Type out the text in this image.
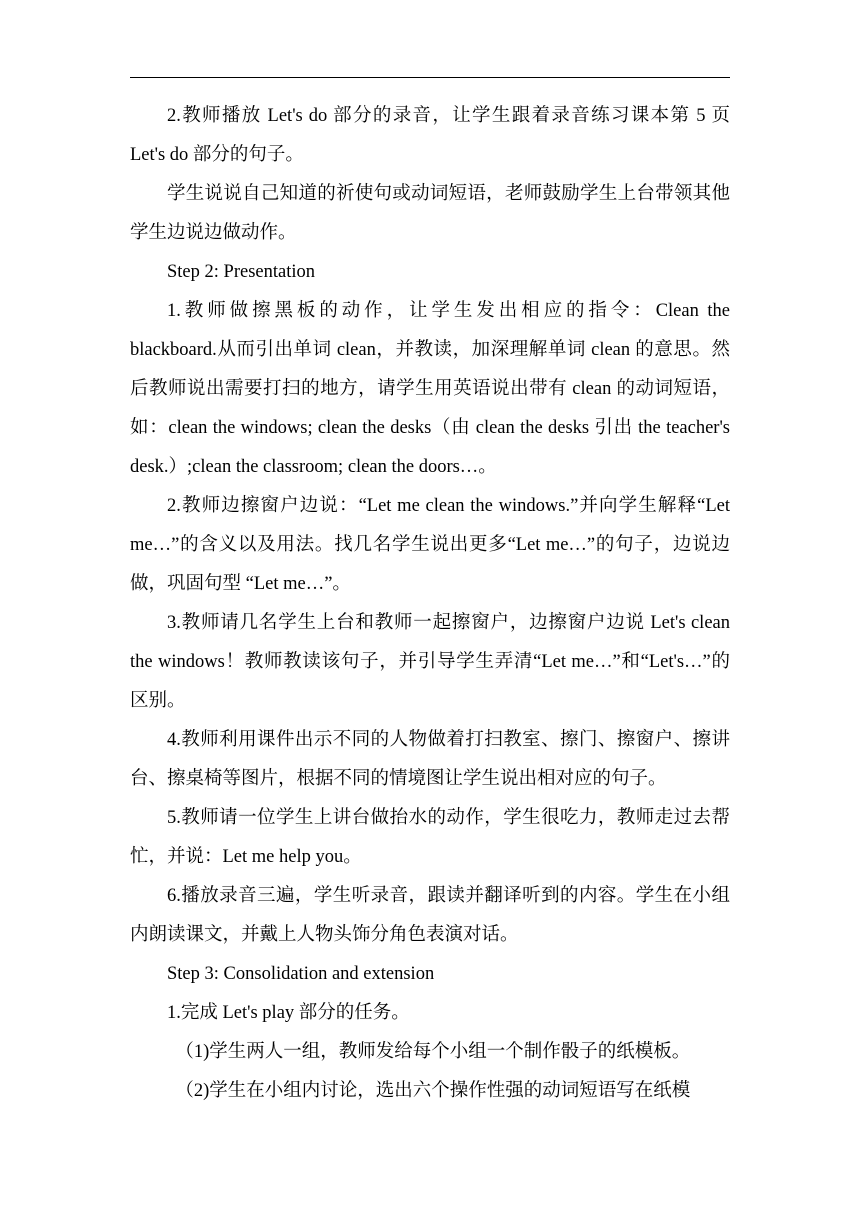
2.教师播放 Let's do 部分的录音，让学生跟着录音练习课本第 5 页 Let's do 部分的句子。

学生说说自己知道的祈使句或动词短语，老师鼓励学生上台带领其他学生边说边做动作。

Step 2: Presentation

1.教师做擦黑板的动作，让学生发出相应的指令：Clean the blackboard.从而引出单词 clean，并教读，加深理解单词 clean 的意思。然后教师说出需要打扫的地方，请学生用英语说出带有 clean 的动词短语，如：clean the windows; clean the desks（由 clean the desks 引出 the teacher's desk.）;clean the classroom; clean the doors…。

2.教师边擦窗户边说：“Let me clean the windows.”并向学生解释“Let me…”的含义以及用法。找几名学生说出更多“Let me…”的句子，边说边做，巩固句型 “Let me…”。

3.教师请几名学生上台和教师一起擦窗户，边擦窗户边说 Let's clean the windows！教师教读该句子，并引导学生弄清“Let me…”和“Let's…”的区别。

4.教师利用课件出示不同的人物做着打扫教室、擦门、擦窗户、擦讲台、擦桌椅等图片，根据不同的情境图让学生说出相对应的句子。

5.教师请一位学生上讲台做抬水的动作，学生很吃力，教师走过去帮忙，并说：Let me help you。

6.播放录音三遍，学生听录音，跟读并翻译听到的内容。学生在小组内朗读课文，并戴上人物头饰分角色表演对话。

Step 3: Consolidation and extension

1.完成 Let's play 部分的任务。

（1)学生两人一组，教师发给每个小组一个制作骰子的纸模板。

（2)学生在小组内讨论，选出六个操作性强的动词短语写在纸模
